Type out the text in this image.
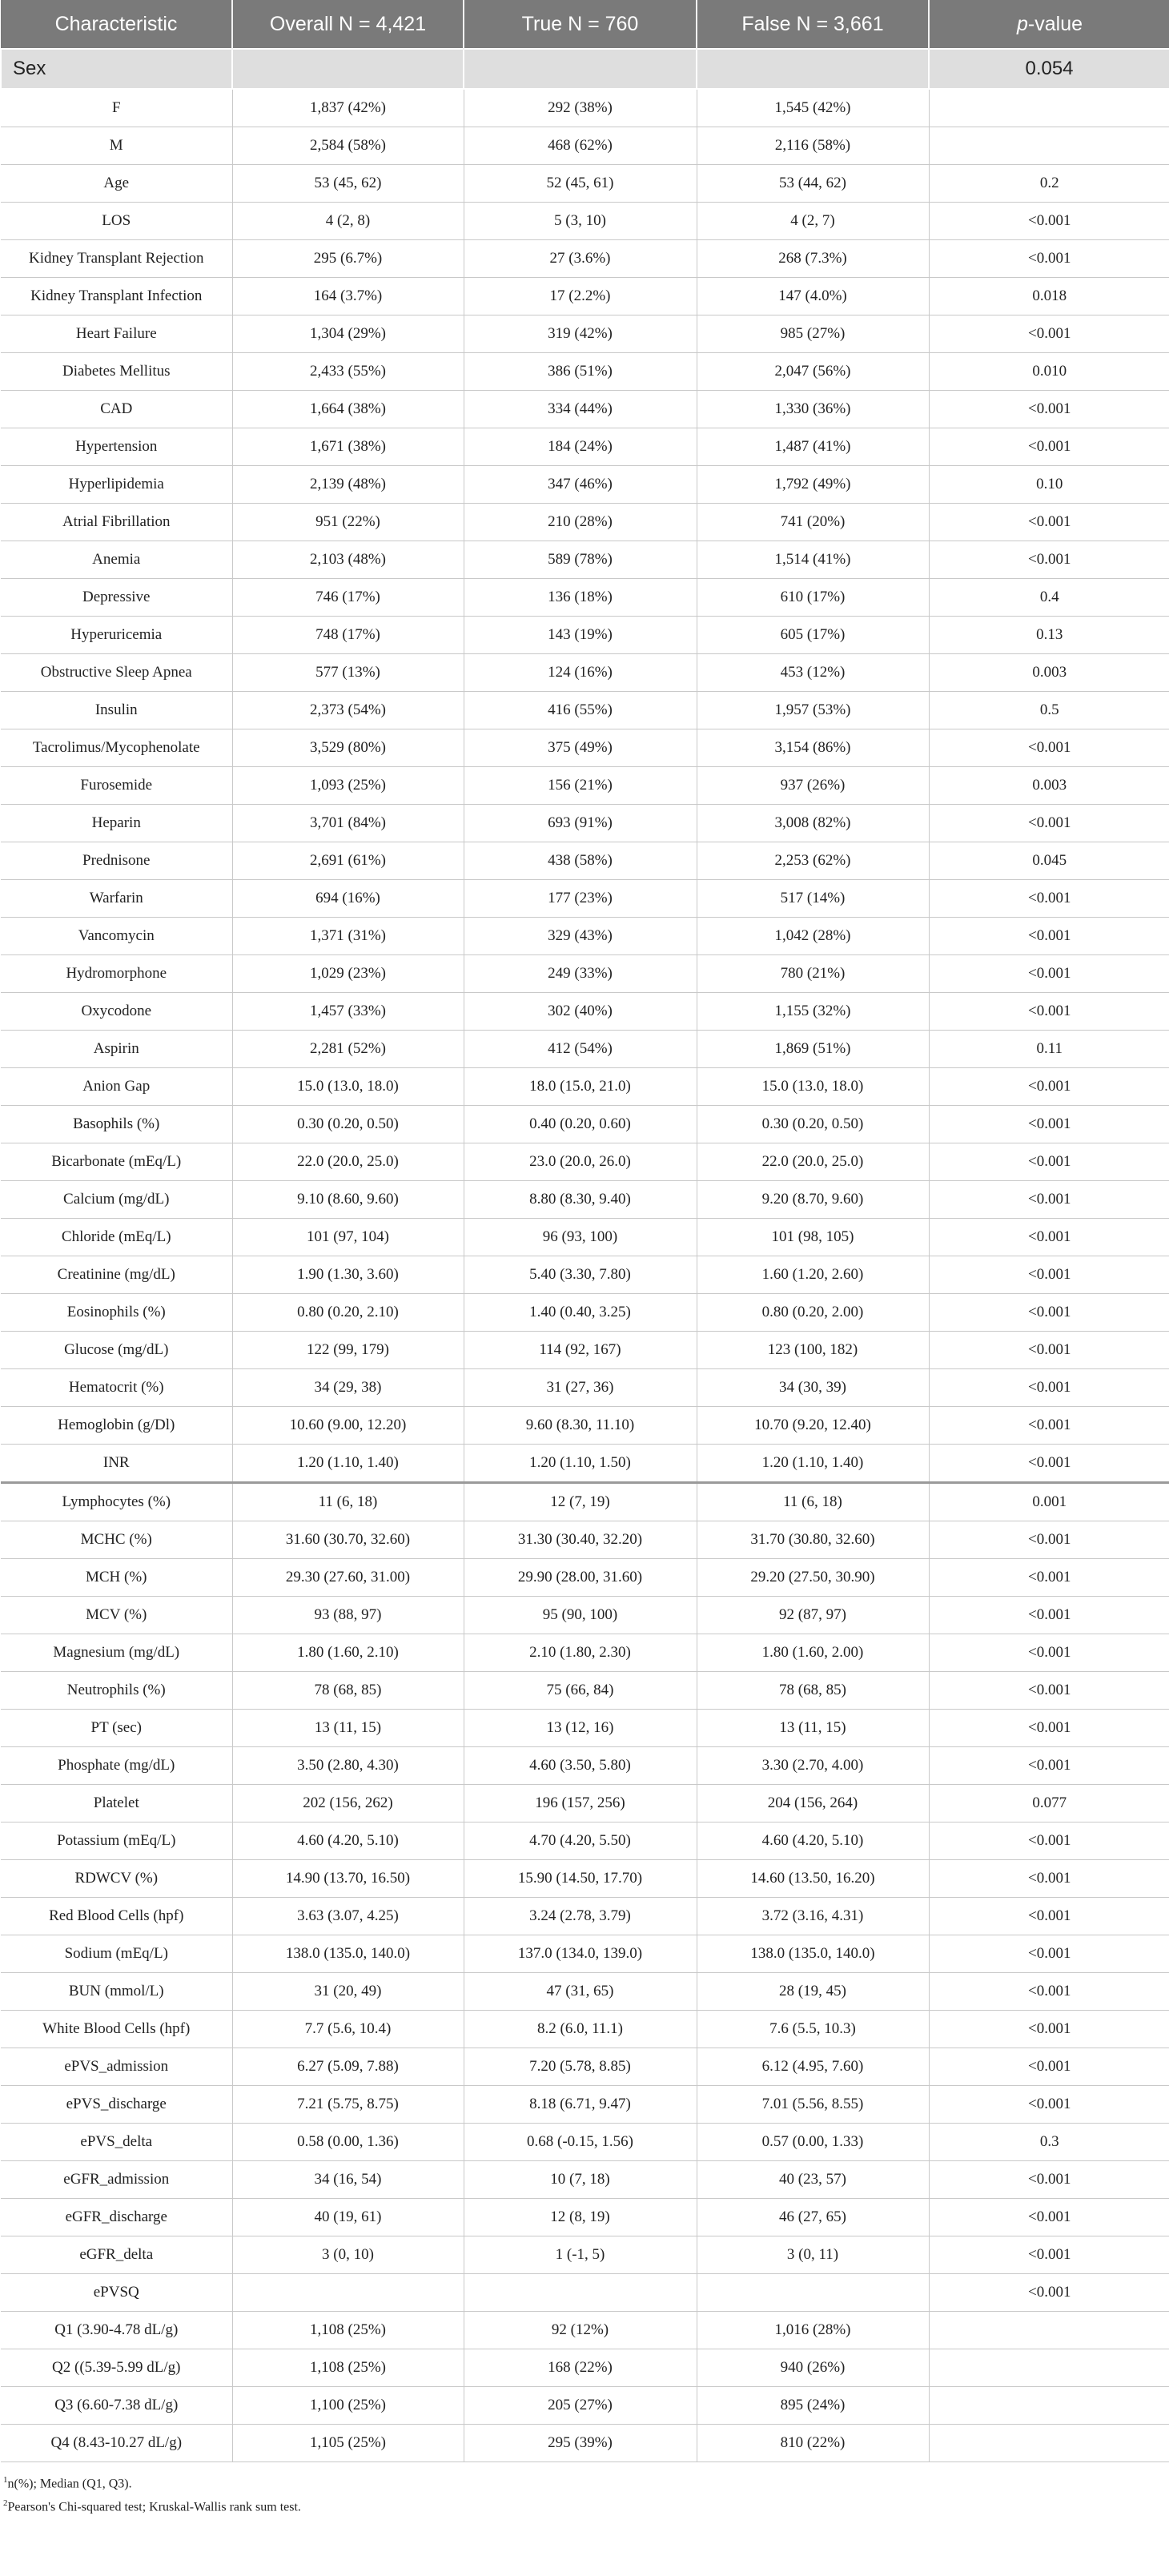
Characteristic	Overall N = 4,421	True N = 760	False N = 3,661	p-value
Sex				0.054
F	1,837 (42%)	292 (38%)	1,545 (42%)	
M	2,584 (58%)	468 (62%)	2,116 (58%)	
Age	53 (45, 62)	52 (45, 61)	53 (44, 62)	0.2
LOS	4 (2, 8)	5 (3, 10)	4 (2, 7)	<0.001
Kidney Transplant Rejection	295 (6.7%)	27 (3.6%)	268 (7.3%)	<0.001
Kidney Transplant Infection	164 (3.7%)	17 (2.2%)	147 (4.0%)	0.018
Heart Failure	1,304 (29%)	319 (42%)	985 (27%)	<0.001
Diabetes Mellitus	2,433 (55%)	386 (51%)	2,047 (56%)	0.010
CAD	1,664 (38%)	334 (44%)	1,330 (36%)	<0.001
Hypertension	1,671 (38%)	184 (24%)	1,487 (41%)	<0.001
Hyperlipidemia	2,139 (48%)	347 (46%)	1,792 (49%)	0.10
Atrial Fibrillation	951 (22%)	210 (28%)	741 (20%)	<0.001
Anemia	2,103 (48%)	589 (78%)	1,514 (41%)	<0.001
Depressive	746 (17%)	136 (18%)	610 (17%)	0.4
Hyperuricemia	748 (17%)	143 (19%)	605 (17%)	0.13
Obstructive Sleep Apnea	577 (13%)	124 (16%)	453 (12%)	0.003
Insulin	2,373 (54%)	416 (55%)	1,957 (53%)	0.5
Tacrolimus/Mycophenolate	3,529 (80%)	375 (49%)	3,154 (86%)	<0.001
Furosemide	1,093 (25%)	156 (21%)	937 (26%)	0.003
Heparin	3,701 (84%)	693 (91%)	3,008 (82%)	<0.001
Prednisone	2,691 (61%)	438 (58%)	2,253 (62%)	0.045
Warfarin	694 (16%)	177 (23%)	517 (14%)	<0.001
Vancomycin	1,371 (31%)	329 (43%)	1,042 (28%)	<0.001
Hydromorphone	1,029 (23%)	249 (33%)	780 (21%)	<0.001
Oxycodone	1,457 (33%)	302 (40%)	1,155 (32%)	<0.001
Aspirin	2,281 (52%)	412 (54%)	1,869 (51%)	0.11
Anion Gap	15.0 (13.0, 18.0)	18.0 (15.0, 21.0)	15.0 (13.0, 18.0)	<0.001
Basophils (%)	0.30 (0.20, 0.50)	0.40 (0.20, 0.60)	0.30 (0.20, 0.50)	<0.001
Bicarbonate (mEq/L)	22.0 (20.0, 25.0)	23.0 (20.0, 26.0)	22.0 (20.0, 25.0)	<0.001
Calcium (mg/dL)	9.10 (8.60, 9.60)	8.80 (8.30, 9.40)	9.20 (8.70, 9.60)	<0.001
Chloride (mEq/L)	101 (97, 104)	96 (93, 100)	101 (98, 105)	<0.001
Creatinine (mg/dL)	1.90 (1.30, 3.60)	5.40 (3.30, 7.80)	1.60 (1.20, 2.60)	<0.001
Eosinophils (%)	0.80 (0.20, 2.10)	1.40 (0.40, 3.25)	0.80 (0.20, 2.00)	<0.001
Glucose (mg/dL)	122 (99, 179)	114 (92, 167)	123 (100, 182)	<0.001
Hematocrit (%)	34 (29, 38)	31 (27, 36)	34 (30, 39)	<0.001
Hemoglobin (g/Dl)	10.60 (9.00, 12.20)	9.60 (8.30, 11.10)	10.70 (9.20, 12.40)	<0.001
INR	1.20 (1.10, 1.40)	1.20 (1.10, 1.50)	1.20 (1.10, 1.40)	<0.001
Lymphocytes (%)	11 (6, 18)	12 (7, 19)	11 (6, 18)	0.001
MCHC (%)	31.60 (30.70, 32.60)	31.30 (30.40, 32.20)	31.70 (30.80, 32.60)	<0.001
MCH (%)	29.30 (27.60, 31.00)	29.90 (28.00, 31.60)	29.20 (27.50, 30.90)	<0.001
MCV (%)	93 (88, 97)	95 (90, 100)	92 (87, 97)	<0.001
Magnesium (mg/dL)	1.80 (1.60, 2.10)	2.10 (1.80, 2.30)	1.80 (1.60, 2.00)	<0.001
Neutrophils (%)	78 (68, 85)	75 (66, 84)	78 (68, 85)	<0.001
PT (sec)	13 (11, 15)	13 (12, 16)	13 (11, 15)	<0.001
Phosphate (mg/dL)	3.50 (2.80, 4.30)	4.60 (3.50, 5.80)	3.30 (2.70, 4.00)	<0.001
Platelet	202 (156, 262)	196 (157, 256)	204 (156, 264)	0.077
Potassium (mEq/L)	4.60 (4.20, 5.10)	4.70 (4.20, 5.50)	4.60 (4.20, 5.10)	<0.001
RDWCV (%)	14.90 (13.70, 16.50)	15.90 (14.50, 17.70)	14.60 (13.50, 16.20)	<0.001
Red Blood Cells (hpf)	3.63 (3.07, 4.25)	3.24 (2.78, 3.79)	3.72 (3.16, 4.31)	<0.001
Sodium (mEq/L)	138.0 (135.0, 140.0)	137.0 (134.0, 139.0)	138.0 (135.0, 140.0)	<0.001
BUN (mmol/L)	31 (20, 49)	47 (31, 65)	28 (19, 45)	<0.001
White Blood Cells (hpf)	7.7 (5.6, 10.4)	8.2 (6.0, 11.1)	7.6 (5.5, 10.3)	<0.001
ePVS_admission	6.27 (5.09, 7.88)	7.20 (5.78, 8.85)	6.12 (4.95, 7.60)	<0.001
ePVS_discharge	7.21 (5.75, 8.75)	8.18 (6.71, 9.47)	7.01 (5.56, 8.55)	<0.001
ePVS_delta	0.58 (0.00, 1.36)	0.68 (-0.15, 1.56)	0.57 (0.00, 1.33)	0.3
eGFR_admission	34 (16, 54)	10 (7, 18)	40 (23, 57)	<0.001
eGFR_discharge	40 (19, 61)	12 (8, 19)	46 (27, 65)	<0.001
eGFR_delta	3 (0, 10)	1 (-1, 5)	3 (0, 11)	<0.001
ePVSQ				<0.001
Q1 (3.90-4.78 dL/g)	1,108 (25%)	92 (12%)	1,016 (28%)	
Q2 ((5.39-5.99 dL/g)	1,108 (25%)	168 (22%)	940 (26%)	
Q3 (6.60-7.38 dL/g)	1,100 (25%)	205 (27%)	895 (24%)	
Q4 (8.43-10.27 dL/g)	1,105 (25%)	295 (39%)	810 (22%)	
$^1$n(%); Median (Q1, Q3).
$^2$Pearson's Chi-squared test; Kruskal-Wallis rank sum test.
